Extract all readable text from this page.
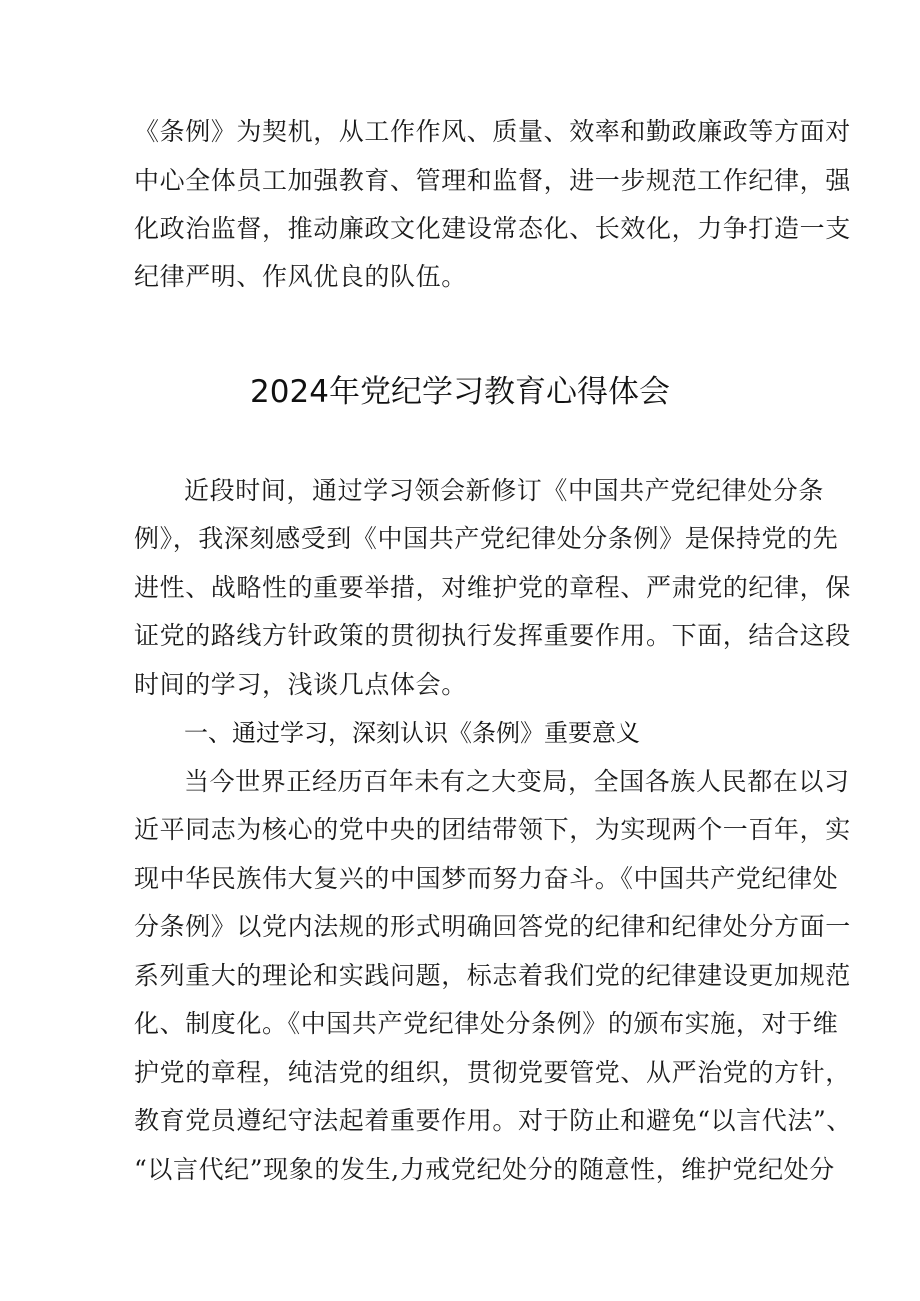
《条例》为契机，从工作作风、质量、效率和勤政廉政等方面对
中心全体员工加强教育、管理和监督，进一步规范工作纪律，强
化政治监督，推动廉政文化建设常态化、长效化，力争打造一支
纪律严明、作风优良的队伍。
2024年党纪学习教育心得体会
近段时间，通过学习领会新修订《中国共产党纪律处分条
例》，我深刻感受到《中国共产党纪律处分条例》是保持党的先
进性、战略性的重要举措，对维护党的章程、严肃党的纪律，保
证党的路线方针政策的贯彻执行发挥重要作用。下面，结合这段
时间的学习，浅谈几点体会。
一、通过学习，深刻认识《条例》重要意义
当今世界正经历百年未有之大变局，全国各族人民都在以习
近平同志为核心的党中央的团结带领下，为实现两个一百年，实
现中华民族伟大复兴的中国梦而努力奋斗。《中国共产党纪律处
分条例》以党内法规的形式明确回答党的纪律和纪律处分方面一
系列重大的理论和实践问题，标志着我们党的纪律建设更加规范
化、制度化。《中国共产党纪律处分条例》的颁布实施，对于维
护党的章程，纯洁党的组织，贯彻党要管党、从严治党的方针，
教育党员遵纪守法起着重要作用。对于防止和避免“以言代法”、
“以言代纪”现象的发生,力戒党纪处分的随意性，维护党纪处分
